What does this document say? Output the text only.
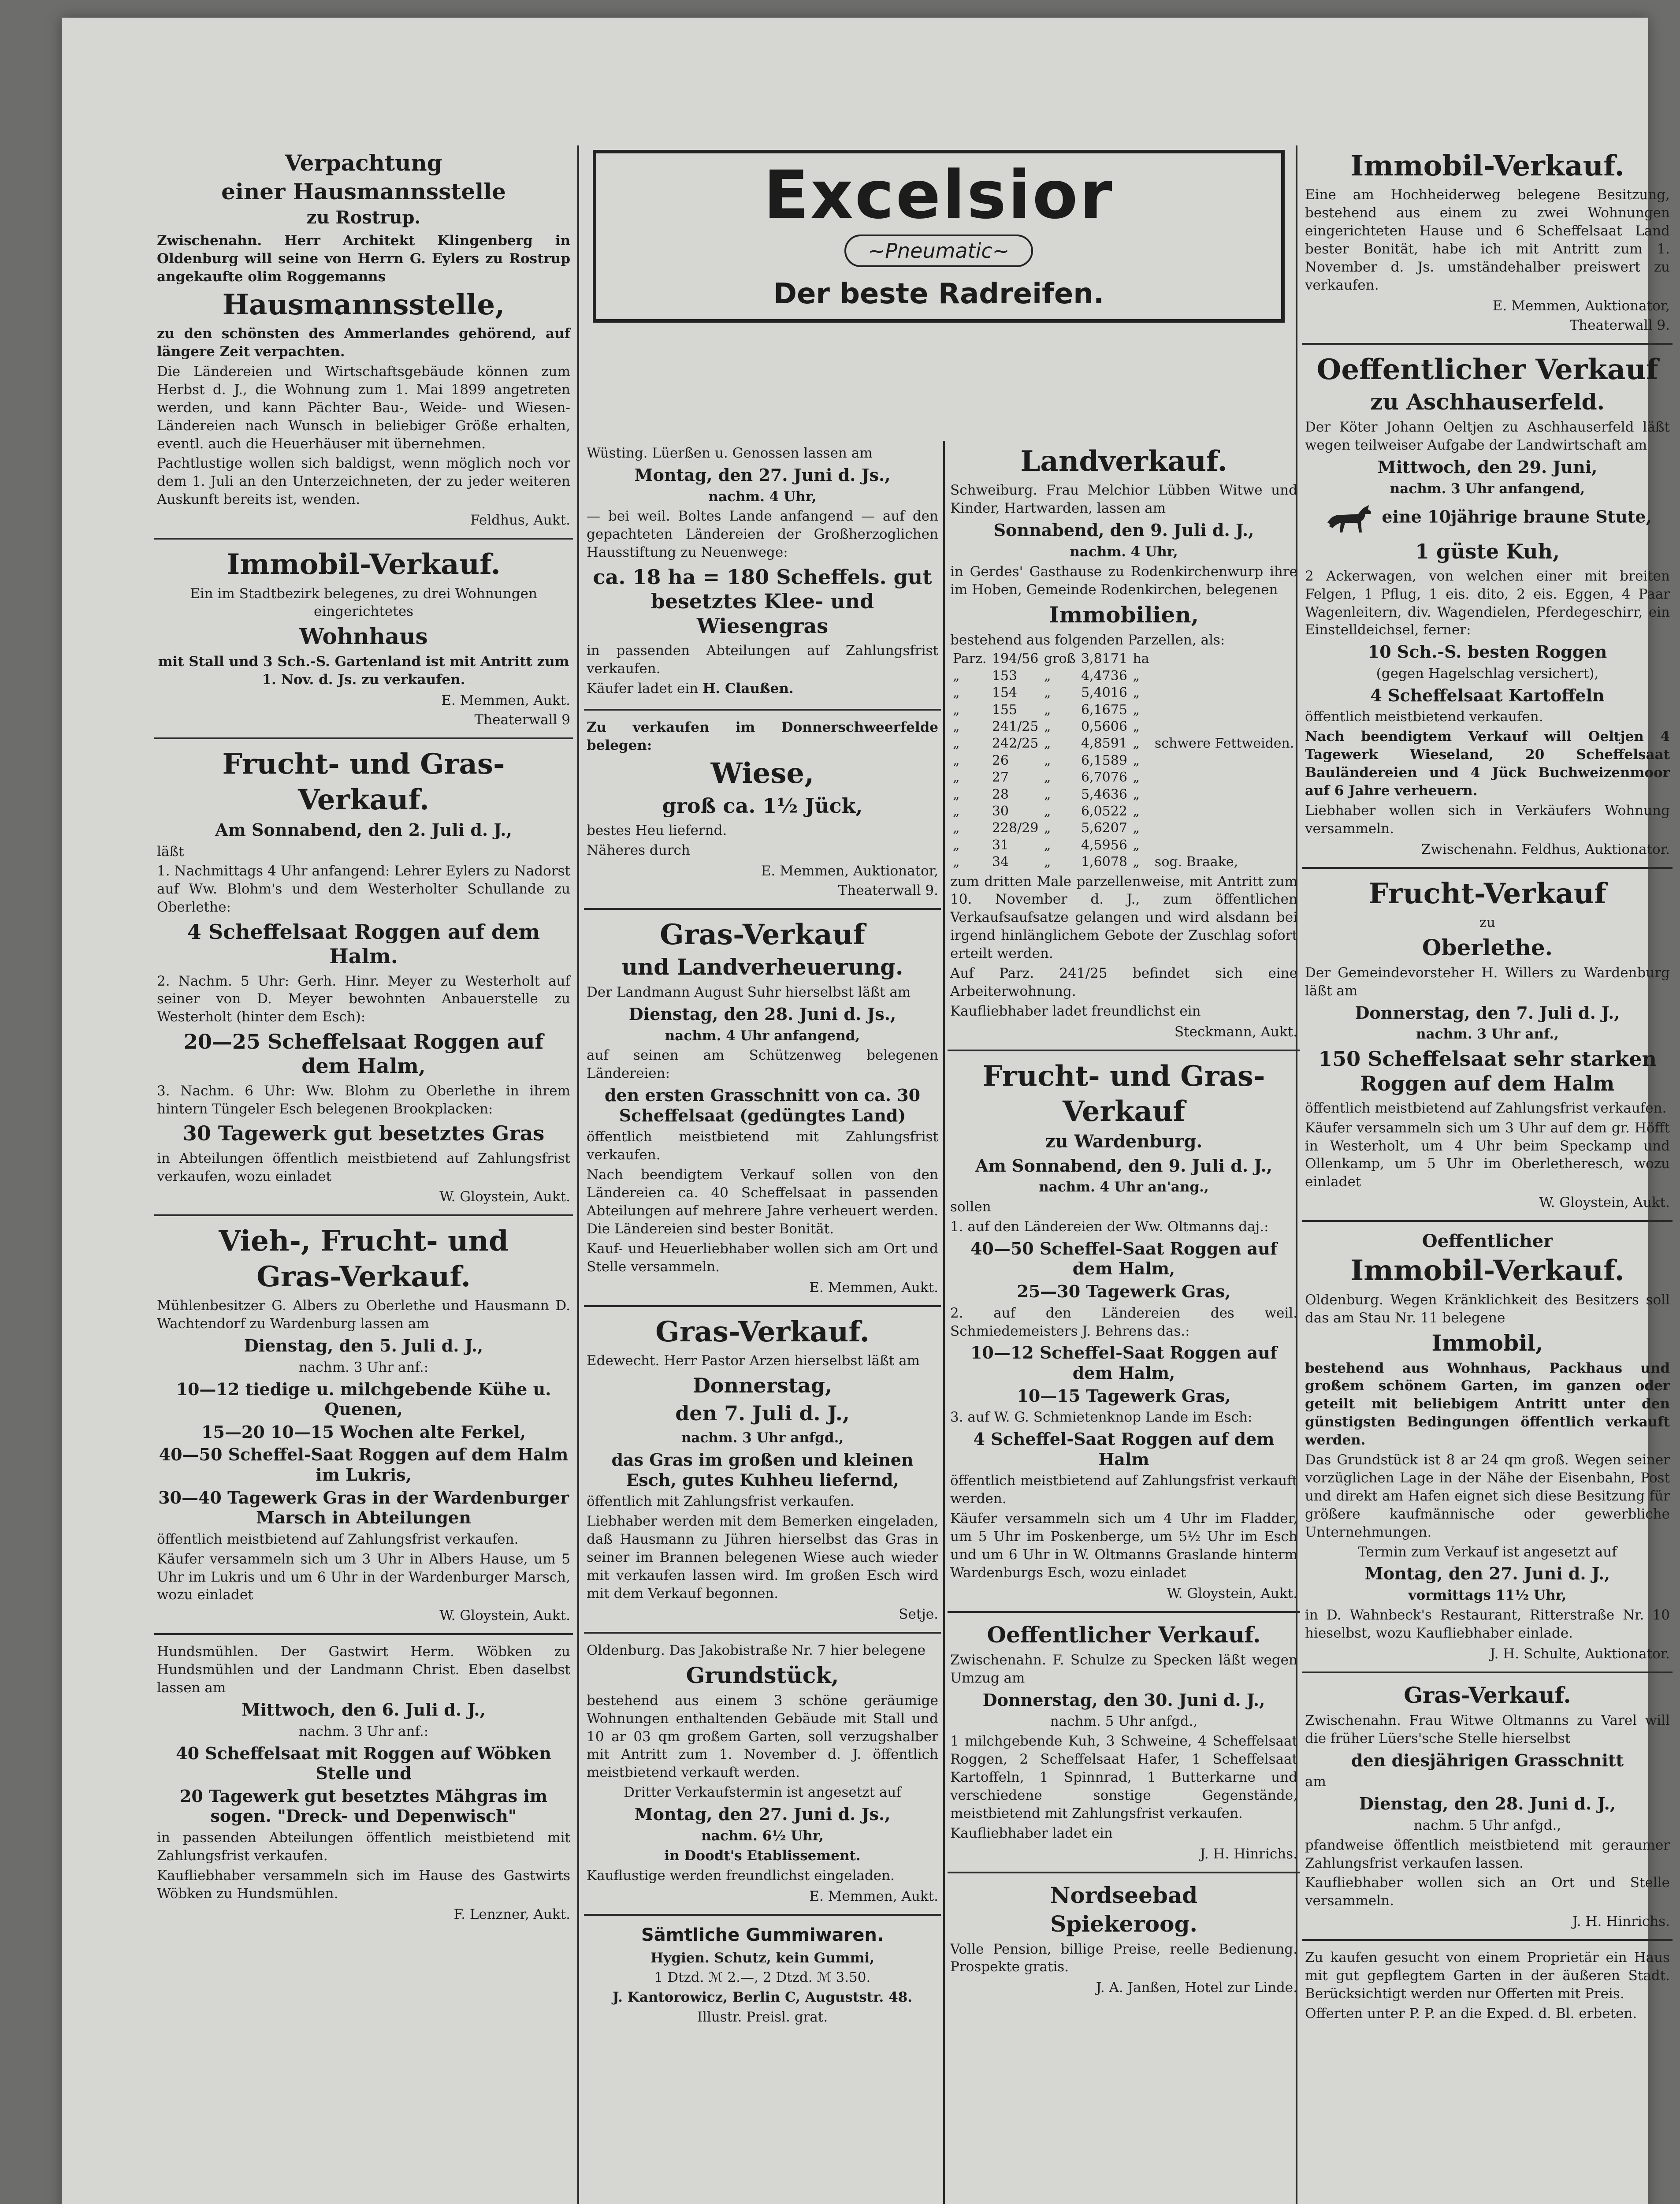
Verpachtung
einer Hausmannsstelle
zu Rostrup.
Zwischenahn. Herr Architekt Klingenberg in Oldenburg will seine von Herrn G. Eylers zu Rostrup angekaufte olim Roggemanns
Hausmannsstelle,
zu den schönsten des Ammerlandes gehörend, auf längere Zeit verpachten.
Die Ländereien und Wirtschaftsgebäude können zum Herbst d. J., die Wohnung zum 1. Mai 1899 angetreten werden, und kann Pächter Bau-, Weide- und Wiesen-Ländereien nach Wunsch in beliebiger Größe erhalten, eventl. auch die Heuerhäuser mit übernehmen.
Pachtlustige wollen sich baldigst, wenn möglich noch vor dem 1. Juli an den Unterzeichneten, der zu jeder weiteren Auskunft bereits ist, wenden.
Feldhus, Aukt.
Immobil-Verkauf.
Ein im Stadtbezirk belegenes, zu drei Wohnungen eingerichtetes
Wohnhaus
mit Stall und 3 Sch.-S. Gartenland ist mit Antritt zum 1. Nov. d. Js. zu verkaufen.
E. Memmen, Aukt.
Theaterwall 9
Frucht- und Gras-
Verkauf.
Am Sonnabend, den 2. Juli d. J.,
läßt
1. Nachmittags 4 Uhr anfangend: Lehrer Eylers zu Nadorst auf Ww. Blohm's und dem Westerholter Schullande zu Oberlethe:
4 Scheffelsaat Roggen auf dem Halm.
2. Nachm. 5 Uhr: Gerh. Hinr. Meyer zu Westerholt auf seiner von D. Meyer bewohnten Anbauerstelle zu Westerholt (hinter dem Esch):
20—25 Scheffelsaat Roggen auf dem Halm,
3. Nachm. 6 Uhr: Ww. Blohm zu Oberlethe in ihrem hintern Tüngeler Esch belegenen Brookplacken:
30 Tagewerk gut besetztes Gras
in Abteilungen öffentlich meistbietend auf Zahlungsfrist verkaufen, wozu einladet
W. Gloystein, Aukt.
Vieh-, Frucht- und
Gras-Verkauf.
Mühlenbesitzer G. Albers zu Oberlethe und Hausmann D. Wachtendorf zu Wardenburg lassen am
Dienstag, den 5. Juli d. J.,
nachm. 3 Uhr anf.:
10—12 tiedige u. milchgebende Kühe u. Quenen,
15—20 10—15 Wochen alte Ferkel,
40—50 Scheffel-Saat Roggen auf dem Halm im Lukris,
30—40 Tagewerk Gras in der Wardenburger Marsch in Abteilungen
öffentlich meistbietend auf Zahlungsfrist verkaufen.
Käufer versammeln sich um 3 Uhr in Albers Hause, um 5 Uhr im Lukris und um 6 Uhr in der Wardenburger Marsch, wozu einladet
W. Gloystein, Aukt.
Hundsmühlen. Der Gastwirt Herm. Wöbken zu Hundsmühlen und der Landmann Christ. Eben daselbst lassen am
Mittwoch, den 6. Juli d. J.,
nachm. 3 Uhr anf.:
40 Scheffelsaat mit Roggen auf Wöbken Stelle und
20 Tagewerk gut besetztes Mähgras im sogen. "Dreck- und Depenwisch"
in passenden Abteilungen öffentlich meistbietend mit Zahlungsfrist verkaufen.
Kaufliebhaber versammeln sich im Hause des Gastwirts Wöbken zu Hundsmühlen.
F. Lenzner, Aukt.
Excelsior
~Pneumatic~
Der beste Radreifen.
Wüsting. Lüerßen u. Genossen lassen am
Montag, den 27. Juni d. Js.,
nachm. 4 Uhr,
— bei weil. Boltes Lande anfangend — auf den gepachteten Ländereien der Großherzoglichen Hausstiftung zu Neuenwege:
ca. 18 ha = 180 Scheffels. gut besetztes Klee- und Wiesengras
in passenden Abteilungen auf Zahlungsfrist verkaufen.
Käufer ladet ein H. Claußen.
Zu verkaufen im Donnerschweerfelde belegen:
Wiese,
groß ca. 1½ Jück,
bestes Heu liefernd.
Näheres durch
E. Memmen, Auktionator,
Theaterwall 9.
Gras-Verkauf
und Landverheuerung.
Der Landmann August Suhr hierselbst läßt am
Dienstag, den 28. Juni d. Js.,
nachm. 4 Uhr anfangend,
auf seinen am Schützenweg belegenen Ländereien:
den ersten Grasschnitt von ca. 30 Scheffelsaat (gedüngtes Land)
öffentlich meistbietend mit Zahlungsfrist verkaufen.
Nach beendigtem Verkauf sollen von den Ländereien ca. 40 Scheffelsaat in passenden Abteilungen auf mehrere Jahre verheuert werden. Die Ländereien sind bester Bonität.
Kauf- und Heuerliebhaber wollen sich am Ort und Stelle versammeln.
E. Memmen, Aukt.
Gras-Verkauf.
Edewecht. Herr Pastor Arzen hierselbst läßt am
Donnerstag,
den 7. Juli d. J.,
nachm. 3 Uhr anfgd.,
das Gras im großen und kleinen Esch, gutes Kuhheu liefernd,
öffentlich mit Zahlungsfrist verkaufen.
Liebhaber werden mit dem Bemerken eingeladen, daß Hausmann zu Jühren hierselbst das Gras in seiner im Brannen belegenen Wiese auch wieder mit verkaufen lassen wird. Im großen Esch wird mit dem Verkauf begonnen.
Setje.
Oldenburg. Das Jakobistraße Nr. 7 hier belegene
Grundstück,
bestehend aus einem 3 schöne geräumige Wohnungen enthaltenden Gebäude mit Stall und 10 ar 03 qm großem Garten, soll verzugshalber mit Antritt zum 1. November d. J. öffentlich meistbietend verkauft werden.
Dritter Verkaufstermin ist angesetzt auf
Montag, den 27. Juni d. Js.,
nachm. 6½ Uhr,
in Doodt's Etablissement.
Kauflustige werden freundlichst eingeladen.
E. Memmen, Aukt.
Sämtliche Gummiwaren.
Hygien. Schutz, kein Gummi,
1 Dtzd. ℳ 2.—, 2 Dtzd. ℳ 3.50.
J. Kantorowicz, Berlin C, Auguststr. 48.
Illustr. Preisl. grat.
Landverkauf.
Schweiburg. Frau Melchior Lübben Witwe und Kinder, Hartwarden, lassen am
Sonnabend, den 9. Juli d. J.,
nachm. 4 Uhr,
in Gerdes' Gasthause zu Rodenkirchenwurp ihre im Hoben, Gemeinde Rodenkirchen, belegenen
Immobilien,
bestehend aus folgenden Parzellen, als:
Parz.	194/56	groß	3,8171	ha	
„	153	„	4,4736	„	
„	154	„	5,4016	„	
„	155	„	6,1675	„	
„	241/25	„	0,5606	„	
„	242/25	„	4,8591	„	schwere Fettweiden.
„	26	„	6,1589	„	
„	27	„	6,7076	„	
„	28	„	5,4636	„	
„	30	„	6,0522	„	
„	228/29	„	5,6207	„	
„	31	„	4,5956	„	
„	34	„	1,6078	„	sog. Braake,
zum dritten Male parzellenweise, mit Antritt zum 10. November d. J., zum öffentlichen Verkaufsaufsatze gelangen und wird alsdann bei irgend hinlänglichem Gebote der Zuschlag sofort erteilt werden.
Auf Parz. 241/25 befindet sich eine Arbeiterwohnung.
Kaufliebhaber ladet freundlichst ein
Steckmann, Aukt.
Frucht- und Gras-
Verkauf
zu Wardenburg.
Am Sonnabend, den 9. Juli d. J.,
nachm. 4 Uhr an'ang.,
sollen
1. auf den Ländereien der Ww. Oltmanns daj.:
40—50 Scheffel-Saat Roggen auf dem Halm,
25—30 Tagewerk Gras,
2. auf den Ländereien des weil. Schmiedemeisters J. Behrens das.:
10—12 Scheffel-Saat Roggen auf dem Halm,
10—15 Tagewerk Gras,
3. auf W. G. Schmietenknop Lande im Esch:
4 Scheffel-Saat Roggen auf dem Halm
öffentlich meistbietend auf Zahlungsfrist verkauft werden.
Käufer versammeln sich um 4 Uhr im Fladder, um 5 Uhr im Poskenberge, um 5½ Uhr im Esch und um 6 Uhr in W. Oltmanns Graslande hinterm Wardenburgs Esch, wozu einladet
W. Gloystein, Aukt.
Oeffentlicher Verkauf.
Zwischenahn. F. Schulze zu Specken läßt wegen Umzug am
Donnerstag, den 30. Juni d. J.,
nachm. 5 Uhr anfgd.,
1 milchgebende Kuh, 3 Schweine, 4 Scheffelsaat Roggen, 2 Scheffelsaat Hafer, 1 Scheffelsaat Kartoffeln, 1 Spinnrad, 1 Butterkarne und verschiedene sonstige Gegenstände, meistbietend mit Zahlungsfrist verkaufen.
Kaufliebhaber ladet ein
J. H. Hinrichs.
Nordseebad
Spiekeroog.
Volle Pension, billige Preise, reelle Bedienung. Prospekte gratis.
J. A. Janßen, Hotel zur Linde.
Immobil-Verkauf.
Eine am Hochheiderweg belegene Besitzung, bestehend aus einem zu zwei Wohnungen eingerichteten Hause und 6 Scheffelsaat Land bester Bonität, habe ich mit Antritt zum 1. November d. Js. umständehalber preiswert zu verkaufen.
E. Memmen, Auktionator,
Theaterwall 9.
Oeffentlicher Verkauf
zu Aschhauserfeld.
Der Köter Johann Oeltjen zu Aschhauserfeld läßt wegen teilweiser Aufgabe der Landwirtschaft am
Mittwoch, den 29. Juni,
nachm. 3 Uhr anfangend,
eine 10jährige braune Stute,
1 güste Kuh,
2 Ackerwagen, von welchen einer mit breiten Felgen, 1 Pflug, 1 eis. dito, 2 eis. Eggen, 4 Paar Wagenleitern, div. Wagendielen, Pferdegeschirr, ein Einstelldeichsel, ferner:
10 Sch.-S. besten Roggen
(gegen Hagelschlag versichert),
4 Scheffelsaat Kartoffeln
öffentlich meistbietend verkaufen.
Nach beendigtem Verkauf will Oeltjen 4 Tagewerk Wieseland, 20 Scheffelsaat Bauländereien und 4 Jück Buchweizenmoor auf 6 Jahre verheuern.
Liebhaber wollen sich in Verkäufers Wohnung versammeln.
Zwischenahn. Feldhus, Auktionator.
Frucht-Verkauf
zu
Oberlethe.
Der Gemeindevorsteher H. Willers zu Wardenburg läßt am
Donnerstag, den 7. Juli d. J.,
nachm. 3 Uhr anf.,
150 Scheffelsaat sehr starken Roggen auf dem Halm
öffentlich meistbietend auf Zahlungsfrist verkaufen.
Käufer versammeln sich um 3 Uhr auf dem gr. Höfft in Westerholt, um 4 Uhr beim Speckamp und Ollenkamp, um 5 Uhr im Oberletheresch, wozu einladet
W. Gloystein, Aukt.
Oeffentlicher
Immobil-Verkauf.
Oldenburg. Wegen Kränklichkeit des Besitzers soll das am Stau Nr. 11 belegene
Immobil,
bestehend aus Wohnhaus, Packhaus und großem schönem Garten, im ganzen oder geteilt mit beliebigem Antritt unter den günstigsten Bedingungen öffentlich verkauft werden.
Das Grundstück ist 8 ar 24 qm groß. Wegen seiner vorzüglichen Lage in der Nähe der Eisenbahn, Post und direkt am Hafen eignet sich diese Besitzung für größere kaufmännische oder gewerbliche Unternehmungen.
Termin zum Verkauf ist angesetzt auf
Montag, den 27. Juni d. J.,
vormittags 11½ Uhr,
in D. Wahnbeck's Restaurant, Ritterstraße Nr. 10 hieselbst, wozu Kaufliebhaber einlade.
J. H. Schulte, Auktionator.
Gras-Verkauf.
Zwischenahn. Frau Witwe Oltmanns zu Varel will die früher Lüers'sche Stelle hierselbst
den diesjährigen Grasschnitt
am
Dienstag, den 28. Juni d. J.,
nachm. 5 Uhr anfgd.,
pfandweise öffentlich meistbietend mit geraumer Zahlungsfrist verkaufen lassen.
Kaufliebhaber wollen sich an Ort und Stelle versammeln.
J. H. Hinrichs.
Zu kaufen gesucht von einem Proprietär ein Haus mit gut gepflegtem Garten in der äußeren Stadt. Berücksichtigt werden nur Offerten mit Preis.
Offerten unter P. P. an die Exped. d. Bl. erbeten.
